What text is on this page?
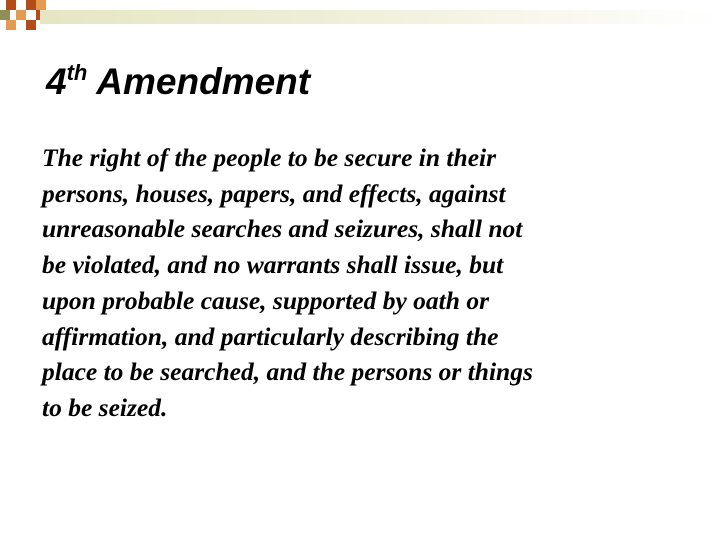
4th Amendment
The right of the people to be secure in their
persons, houses, papers, and effects, against
unreasonable searches and seizures, shall not
be violated, and no warrants shall issue, but
upon probable cause, supported by oath or
affirmation, and particularly describing the
place to be searched, and the persons or things
to be seized.
